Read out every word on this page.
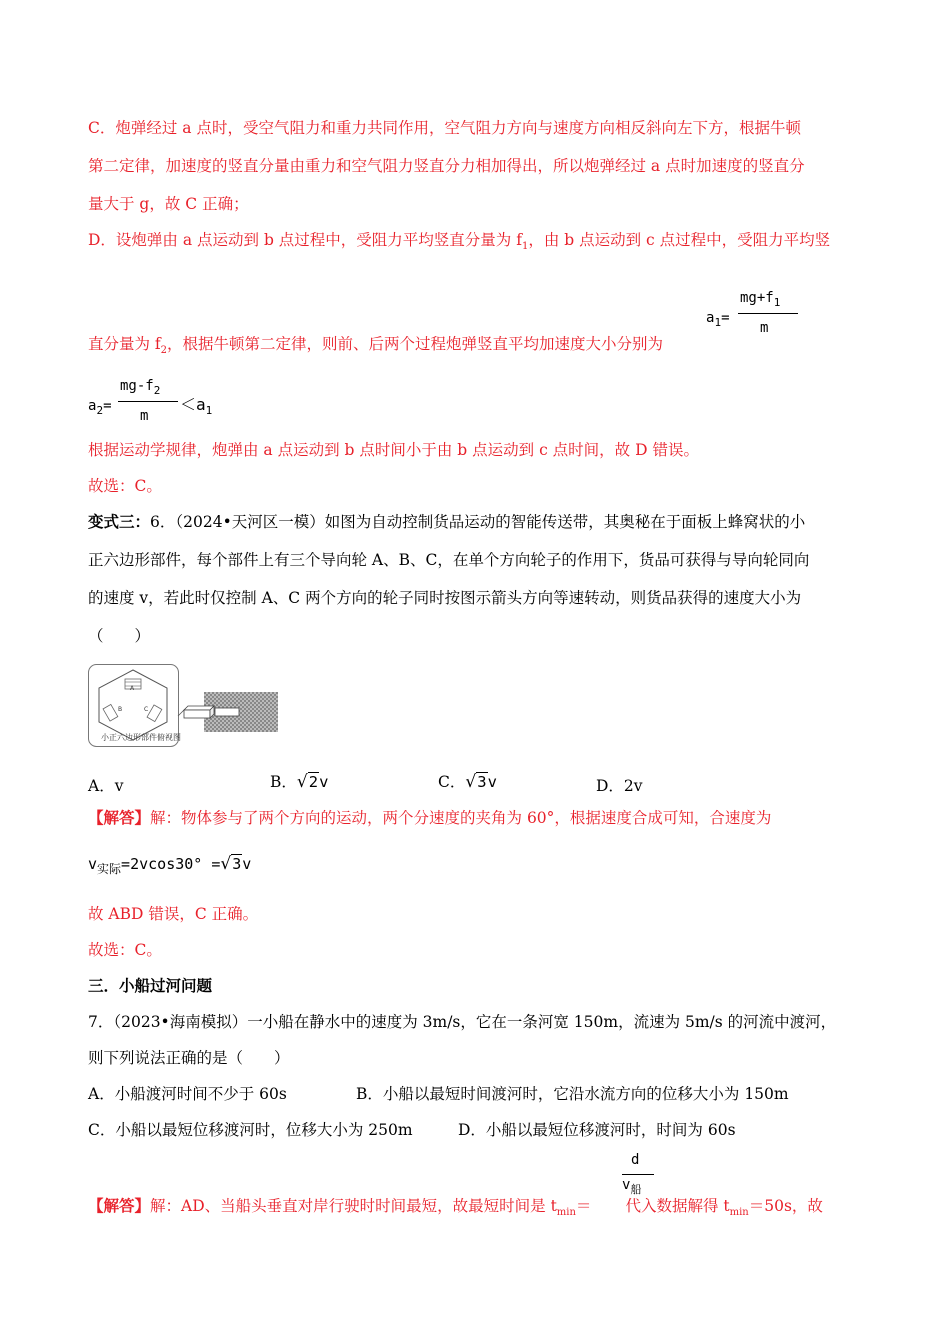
C．炮弹经过 a 点时，受空气阻力和重力共同作用，空气阻力方向与速度方向相反斜向左下方，根据牛顿
第二定律，加速度的竖直分量由重力和空气阻力竖直分力相加得出，所以炮弹经过 a 点时加速度的竖直分
量大于 g，故 C 正确；
D．设炮弹由 a 点运动到 b 点过程中，受阻力平均竖直分量为 $f_1$，由 b 点运动到 c 点过程中，受阻力平均竖
直分量为 $f_2$，根据牛顿第二定律，则前、后两个过程炮弹竖直平均加速度大小分别为
$a_1=$
$mg+f_1$
m
$a_2=$
$mg-f_2$
m
$<a_1$
根据运动学规律，炮弹由 a 点运动到 b 点时间小于由 b 点运动到 c 点时间，故 D 错误。
故选：C。
变式三：6．（2024•天河区一模）如图为自动控制货品运动的智能传送带，其奥秘在于面板上蜂窝状的小
正六边形部件，每个部件上有三个导向轮 A、B、C，在单个方向轮子的作用下，货品可获得与导向轮同向
的速度 v，若此时仅控制 A、C 两个方向的轮子同时按图示箭头方向等速转动，则货品获得的速度大小为
（　　）
A
B	C
小正六边形部件俯视图
A．v	B．√2v	C．√3v	D．2v
【解答】解：物体参与了两个方向的运动，两个分速度的夹角为 60°，根据速度合成可知，合速度为
$v_{实际}=2vcos30^\circ =√3v$
故 ABD 错误，C 正确。
故选：C。
三．小船过河问题
7．（2023•海南模拟）一小船在静水中的速度为 3m/s，它在一条河宽 150m，流速为 5m/s 的河流中渡河，
则下列说法正确的是（　　）
A．小船渡河时间不少于 60s	B．小船以最短时间渡河时，它沿水流方向的位移大小为 150m
C．小船以最短位移渡河时，位移大小为 250m	D．小船以最短位移渡河时，时间为 60s
d
$v_船$
【解答】解：AD、当船头垂直对岸行驶时时间最短，故最短时间是 $t_{min}=$ 代入数据解得 $t_{min}=50s$，故
